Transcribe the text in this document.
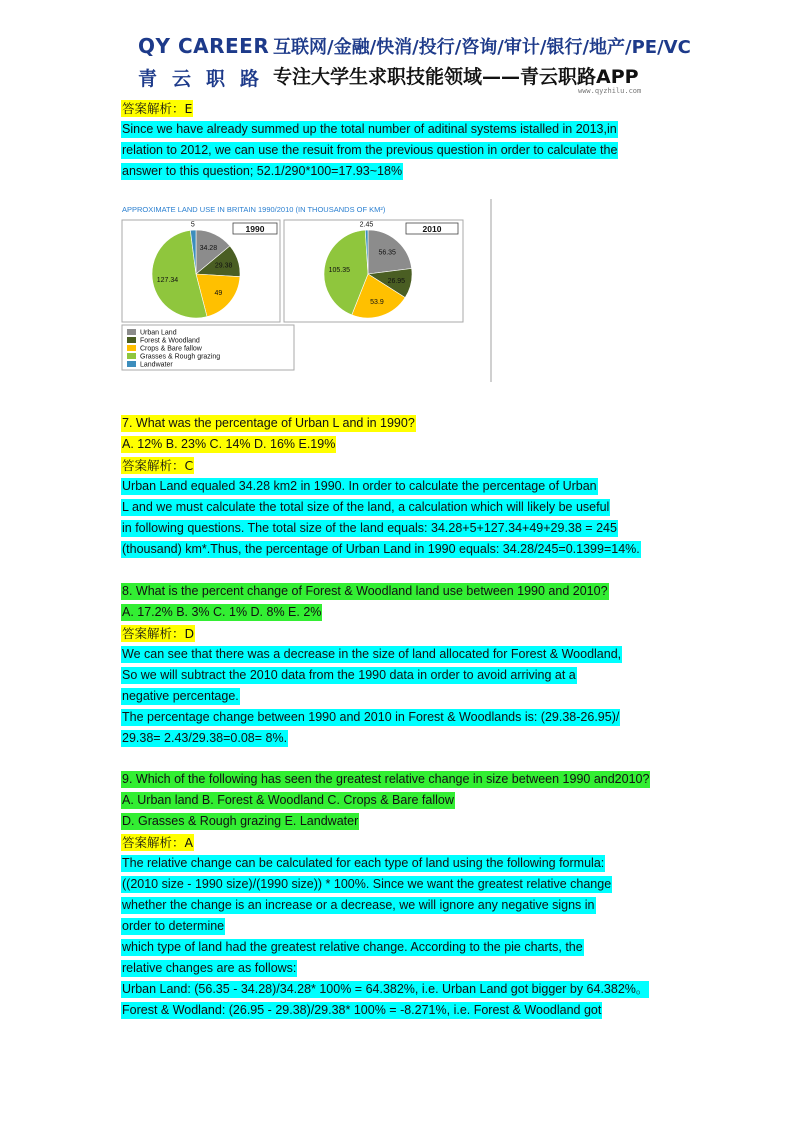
QY CAREER
青云职路
互联网/金融/快消/投行/咨询/审计/银行/地产/PE/VC
专注大学生求职技能领域——青云职路APP
www.qyzhilu.com
答案解析：E
Since we have already summed up the total number of aditinal systems istalled in 2013,in
relation to 2012, we can use the resuit from the previous question in order to calculate the
answer to this question; 52.1/290*100=17.93~18%
7. What was the percentage of Urban L and in 1990?
A. 12% B. 23% C. 14% D. 16% E.19%
答案解析：C
Urban Land equaled 34.28 km2 in 1990. In order to calculate the percentage of Urban
L and we must calculate the total size of the land, a calculation which will likely be useful
in following questions. The total size of the land equals: 34.28+5+127.34+49+29.38 = 245
(thousand) km*.Thus, the percentage of Urban Land in 1990 equals: 34.28/245=0.1399=14%.
8. What is the percent change of Forest & Woodland land use between 1990 and 2010?
A. 17.2% B. 3% C. 1% D. 8% E. 2%
答案解析：D
We can see that there was a decrease in the size of land allocated for Forest & Woodland,
So we will subtract the 2010 data from the 1990 data in order to avoid arriving at a
negative percentage.
The percentage change between 1990 and 2010 in Forest & Woodlands is: (29.38-26.95)/
29.38= 2.43/29.38=0.08= 8%.
9. Which of the following has seen the greatest relative change in size between 1990 and2010?
A. Urban land B. Forest & Woodland C. Crops & Bare fallow
D. Grasses & Rough grazing E. Landwater
答案解析：A
The relative change can be calculated for each type of land using the following formula:
((2010 size - 1990 size)/(1990 size)) * 100%. Since we want the greatest relative change
whether the change is an increase or a decrease, we will ignore any negative signs in
order to determine
which type of land had the greatest relative change. According to the pie charts, the
relative changes are as follows:
Urban Land: (56.35 - 34.28)/34.28* 100% = 64.382%, i.e. Urban Land got bigger by 64.382%。
Forest & Wodland: (26.95 - 29.38)/29.38* 100% = -8.271%, i.e. Forest & Woodland got
APPROXIMATE LAND USE IN BRITAIN 1990/2010 (IN THOUSANDS OF KM²)
34.28
29.38
49
127.34
5	1990
56.35
26.95
53.9
105.35
2.45	2010
Urban Land
Forest & Woodland
Crops & Bare fallow
Grasses & Rough grazing
Landwater
